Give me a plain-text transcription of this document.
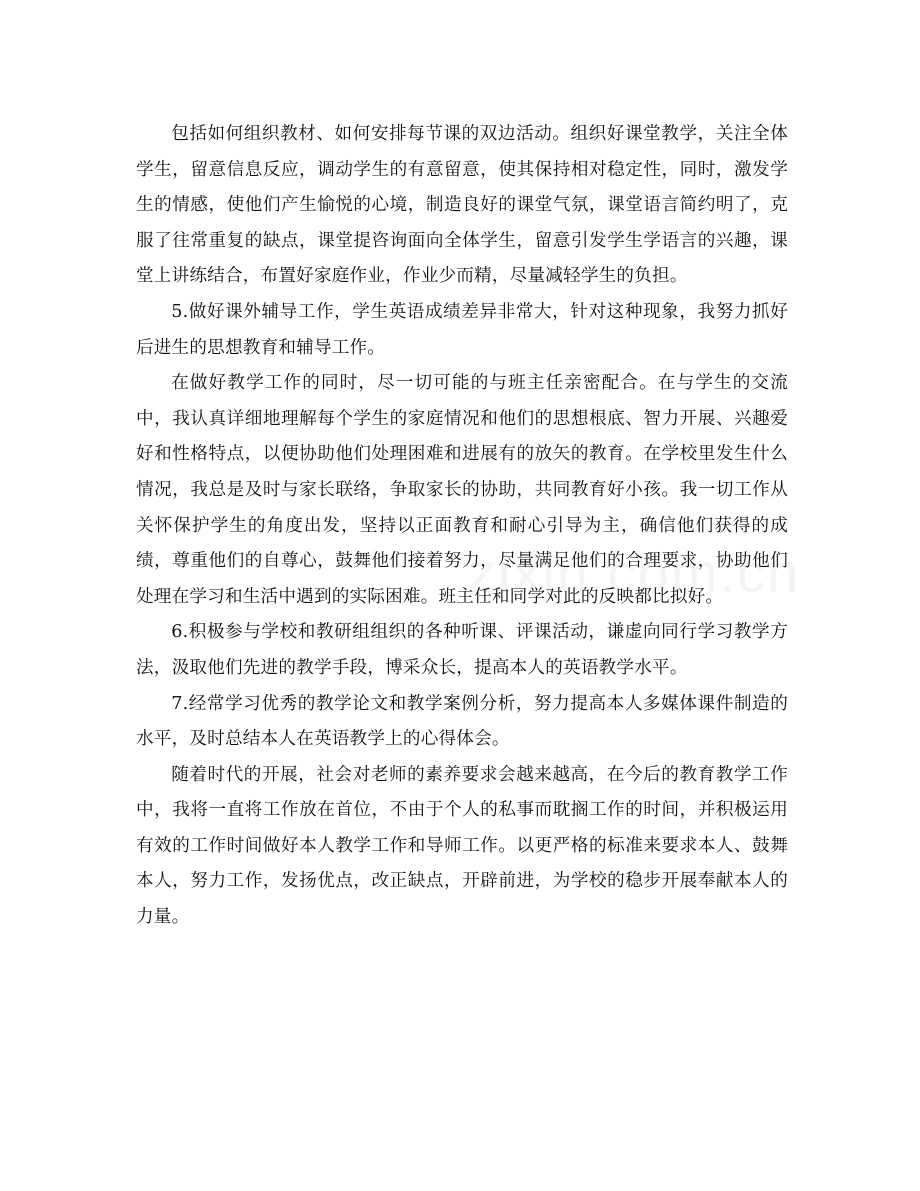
包括如何组织教材、如何安排每节课的双边活动。组织好课堂教学，关注全体学生，留意信息反应，调动学生的有意留意，使其保持相对稳定性，同时，激发学生的情感，使他们产生愉悦的心境，制造良好的课堂气氛，课堂语言简约明了，克服了往常重复的缺点，课堂提咨询面向全体学生，留意引发学生学语言的兴趣，课堂上讲练结合，布置好家庭作业，作业少而精，尽量减轻学生的负担。

5.做好课外辅导工作，学生英语成绩差异非常大，针对这种现象，我努力抓好后进生的思想教育和辅导工作。

在做好教学工作的同时，尽一切可能的与班主任亲密配合。在与学生的交流中，我认真详细地理解每个学生的家庭情况和他们的思想根底、智力开展、兴趣爱好和性格特点，以便协助他们处理困难和进展有的放矢的教育。在学校里发生什么情况，我总是及时与家长联络，争取家长的协助，共同教育好小孩。我一切工作从关怀保护学生的角度出发，坚持以正面教育和耐心引导为主，确信他们获得的成绩，尊重他们的自尊心，鼓舞他们接着努力，尽量满足他们的合理要求，协助他们处理在学习和生活中遇到的实际困难。班主任和同学对此的反映都比拟好。

6.积极参与学校和教研组组织的各种听课、评课活动，谦虚向同行学习教学方法，汲取他们先进的教学手段，博采众长，提高本人的英语教学水平。

7.经常学习优秀的教学论文和教学案例分析，努力提高本人多媒体课件制造的水平，及时总结本人在英语教学上的心得体会。

随着时代的开展，社会对老师的素养要求会越来越高，在今后的教育教学工作中，我将一直将工作放在首位，不由于个人的私事而耽搁工作的时间，并积极运用有效的工作时间做好本人教学工作和导师工作。以更严格的标准来要求本人、鼓舞本人，努力工作，发扬优点，改正缺点，开辟前进，为学校的稳步开展奉献本人的力量。
